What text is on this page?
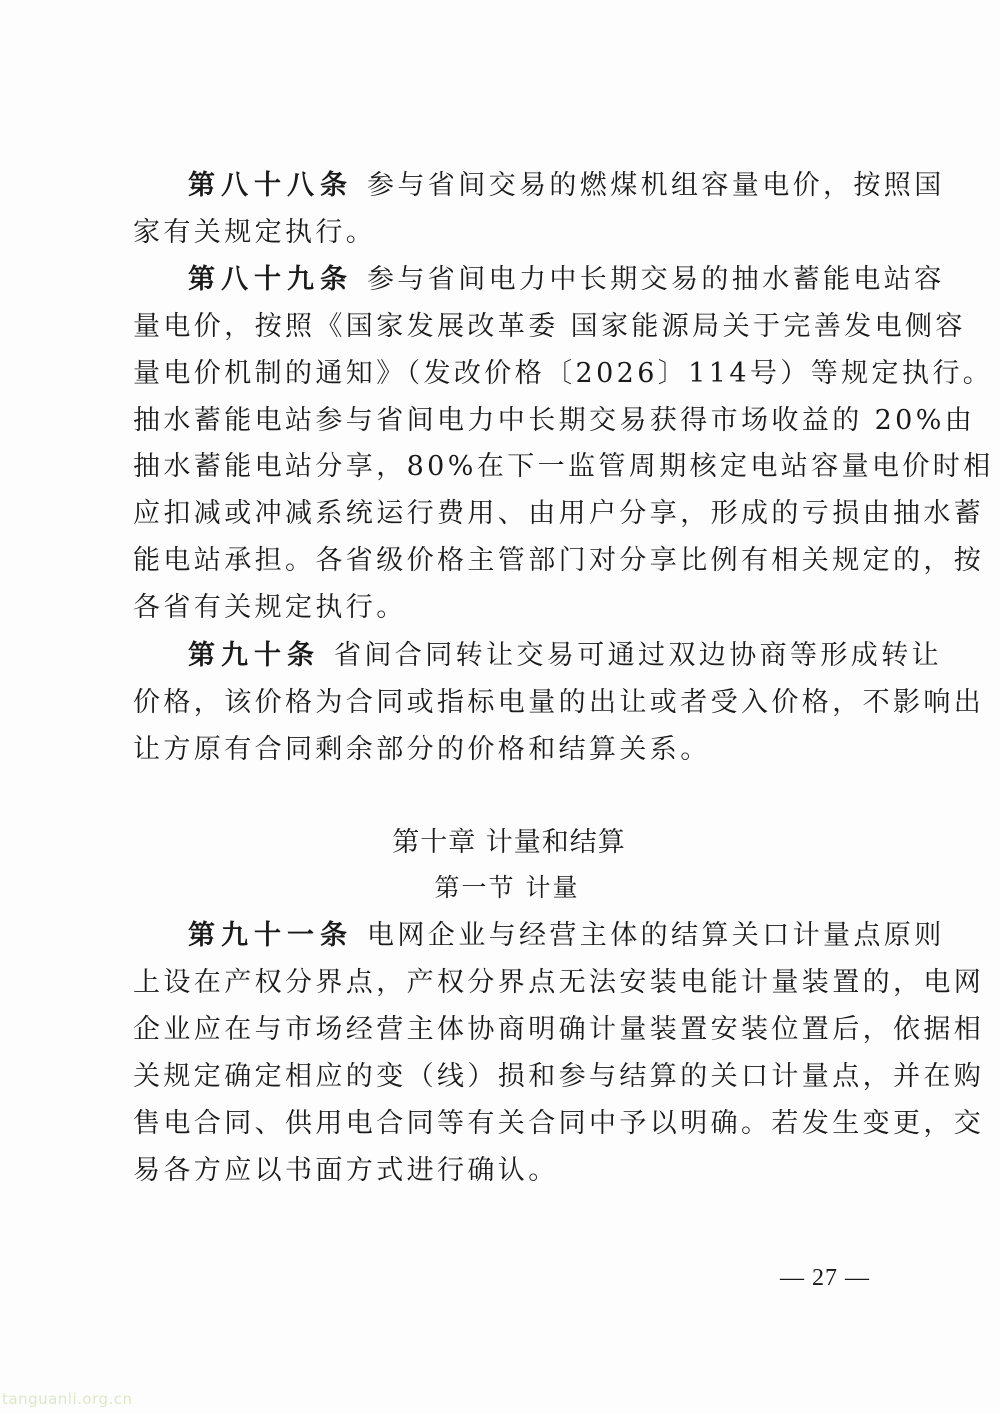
第八十八条 参与省间交易的燃煤机组容量电价，按照国
家有关规定执行。
第八十九条 参与省间电力中长期交易的抽水蓄能电站容
量电价，按照《国家发展改革委 国家能源局关于完善发电侧容
量电价机制的通知》（发改价格〔2026〕114号）等规定执行。
抽水蓄能电站参与省间电力中长期交易获得市场收益的 20%由
抽水蓄能电站分享，80%在下一监管周期核定电站容量电价时相
应扣减或冲减系统运行费用、由用户分享，形成的亏损由抽水蓄
能电站承担。各省级价格主管部门对分享比例有相关规定的，按
各省有关规定执行。
第九十条 省间合同转让交易可通过双边协商等形成转让
价格，该价格为合同或指标电量的出让或者受入价格，不影响出
让方原有合同剩余部分的价格和结算关系。
第十章 计量和结算
第一节 计量
第九十一条 电网企业与经营主体的结算关口计量点原则
上设在产权分界点，产权分界点无法安装电能计量装置的，电网
企业应在与市场经营主体协商明确计量装置安装位置后，依据相
关规定确定相应的变（线）损和参与结算的关口计量点，并在购
售电合同、供用电合同等有关合同中予以明确。若发生变更，交
易各方应以书面方式进行确认。
— 27 —
tanguanli.org.cn
